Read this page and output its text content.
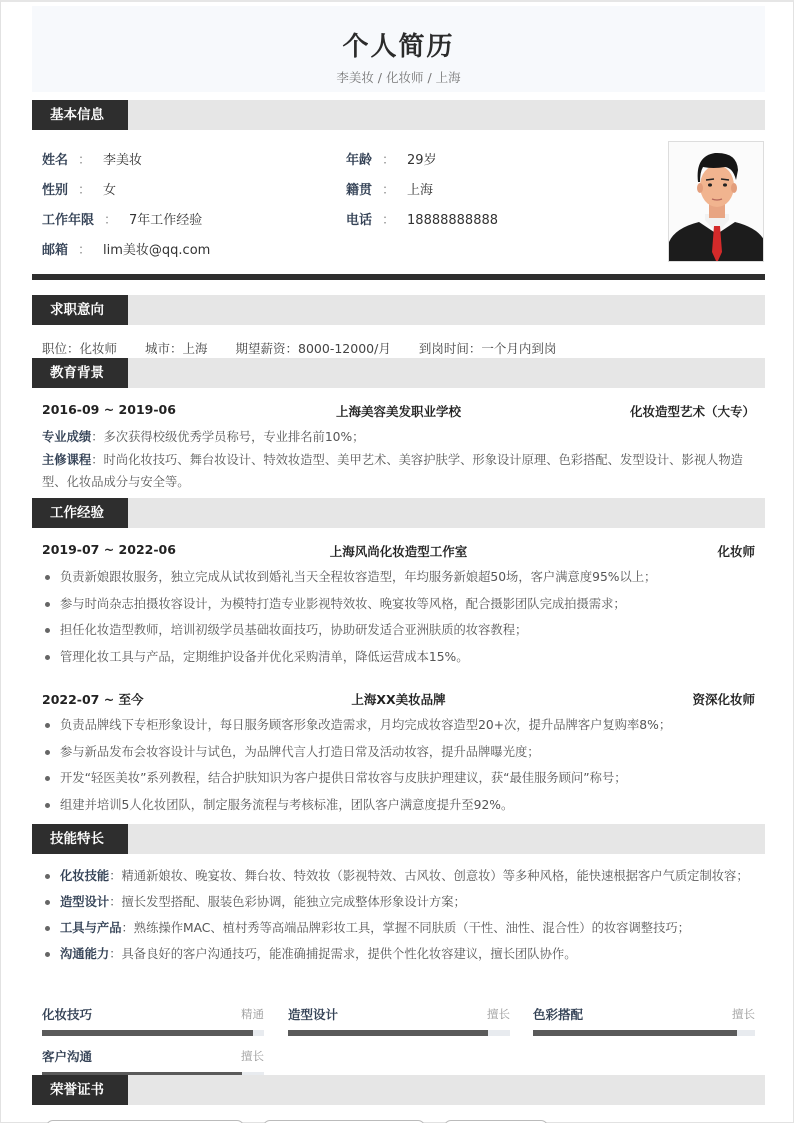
个人简历
李美妆 / 化妆师 / 上海
基本信息
姓名 ： 李美妆	年龄 ： 29岁
性别 ： 女	籍贯 ： 上海
工作年限 ： 7年工作经验	电话 ： 18888888888
邮箱 ： lim美妆@qq.com
求职意向
职位：化妆师 城市：上海 期望薪资：8000-12000/月 到岗时间：一个月内到岗
教育背景
2016-09 ~ 2019-06	上海美容美发职业学校	化妆造型艺术（大专）
专业成绩：多次获得校级优秀学员称号，专业排名前10%；
主修课程：时尚化妆技巧、舞台妆设计、特效妆造型、美甲艺术、美容护肤学、形象设计原理、色彩搭配、发型设计、影视人物造型、化妆品成分与安全等。
工作经验
2019-07 ~ 2022-06	上海风尚化妆造型工作室	化妆师
负责新娘跟妆服务，独立完成从试妆到婚礼当天全程妆容造型，年均服务新娘超50场，客户满意度95%以上；
参与时尚杂志拍摄妆容设计，为模特打造专业影视特效妆、晚宴妆等风格，配合摄影团队完成拍摄需求；
担任化妆造型教师，培训初级学员基础妆面技巧，协助研发适合亚洲肤质的妆容教程；
管理化妆工具与产品，定期维护设备并优化采购清单，降低运营成本15%。
2022-07 ~ 至今	上海XX美妆品牌	资深化妆师
负责品牌线下专柜形象设计，每日服务顾客形象改造需求，月均完成妆容造型20+次，提升品牌客户复购率8%；
参与新品发布会妆容设计与试色，为品牌代言人打造日常及活动妆容，提升品牌曝光度；
开发“轻医美妆”系列教程，结合护肤知识为客户提供日常妆容与皮肤护理建议，获“最佳服务顾问”称号；
组建并培训5人化妆团队，制定服务流程与考核标准，团队客户满意度提升至92%。
技能特长
化妆技能：精通新娘妆、晚宴妆、舞台妆、特效妆（影视特效、古风妆、创意妆）等多种风格，能快速根据客户气质定制妆容；
造型设计：擅长发型搭配、服装色彩协调，能独立完成整体形象设计方案；
工具与产品：熟练操作MAC、植村秀等高端品牌彩妆工具，掌握不同肤质（干性、油性、混合性）的妆容调整技巧；
沟通能力：具备良好的客户沟通技巧，能准确捕捉需求，提供个性化妆容建议，擅长团队协作。
化妆技巧	精通 造型设计	擅长 色彩搭配	擅长
客户沟通	擅长
荣誉证书
